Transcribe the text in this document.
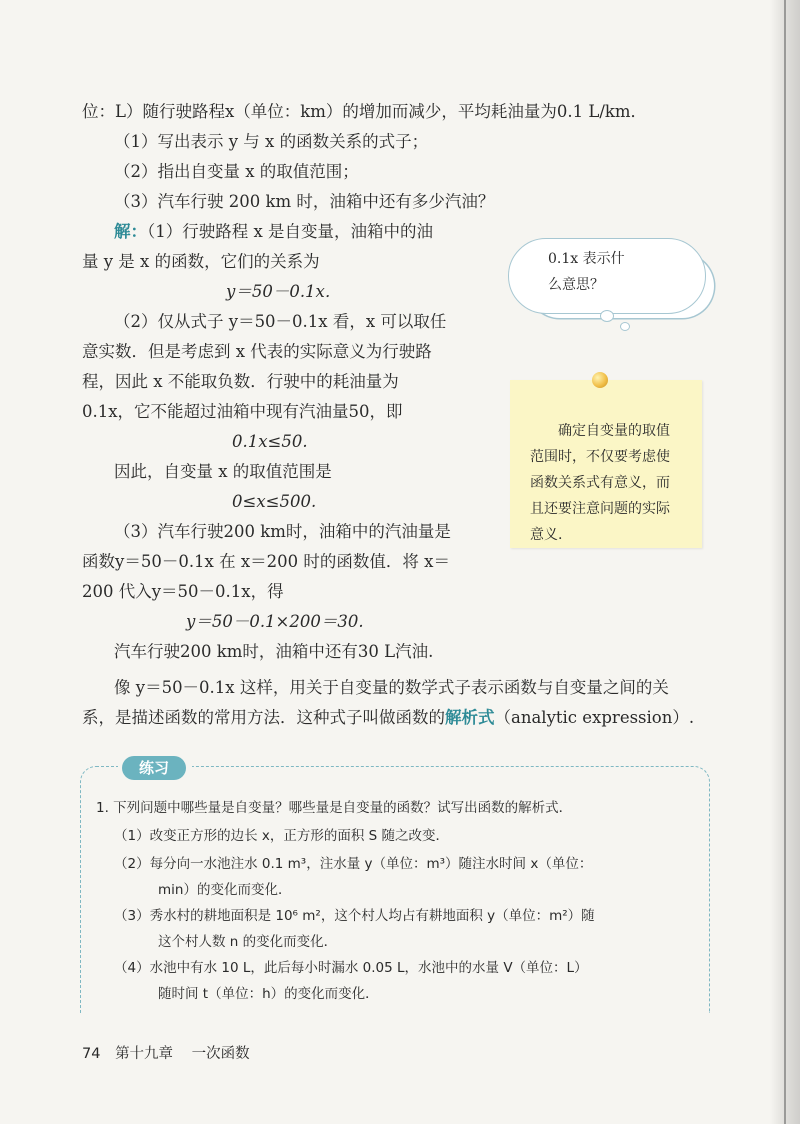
位：L）随行驶路程x（单位：km）的增加而减少，平均耗油量为0.1 L/km．
（1）写出表示 y 与 x 的函数关系的式子；
（2）指出自变量 x 的取值范围；
（3）汽车行驶 200 km 时，油箱中还有多少汽油？
解：（1）行驶路程 x 是自变量，油箱中的油
量 y 是 x 的函数，它们的关系为
y＝50－0.1x．
（2）仅从式子 y＝50－0.1x 看，x 可以取任
意实数．但是考虑到 x 代表的实际意义为行驶路
程，因此 x 不能取负数．行驶中的耗油量为
0.1x，它不能超过油箱中现有汽油量50，即
0.1x≤50.
因此，自变量 x 的取值范围是
0≤x≤500.
（3）汽车行驶200 km时，油箱中的汽油量是
函数y＝50－0.1x 在 x＝200 时的函数值．将 x＝
200 代入y＝50－0.1x，得
y＝50－0.1×200＝30.
汽车行驶200 km时，油箱中还有30 L汽油.
0.1x 表示什
么意思？
确定自变量的取值
范围时，不仅要考虑使
函数关系式有意义，而
且还要注意问题的实际
意义.
像 y＝50－0.1x 这样，用关于自变量的数学式子表示函数与自变量之间的关
系，是描述函数的常用方法．这种式子叫做函数的解析式（analytic expression）.
练习
1. 下列问题中哪些量是自变量？哪些量是自变量的函数？试写出函数的解析式．
（1）改变正方形的边长 x，正方形的面积 S 随之改变．
（2）每分向一水池注水 0.1 m³，注水量 y（单位：m³）随注水时间 x（单位：
min）的变化而变化．
（3）秀水村的耕地面积是 10⁶ m²，这个村人均占有耕地面积 y（单位：m²）随
这个村人数 n 的变化而变化．
（4）水池中有水 10 L，此后每小时漏水 0.05 L，水池中的水量 V（单位：L）
随时间 t（单位：h）的变化而变化．
74 第十九章 一次函数
